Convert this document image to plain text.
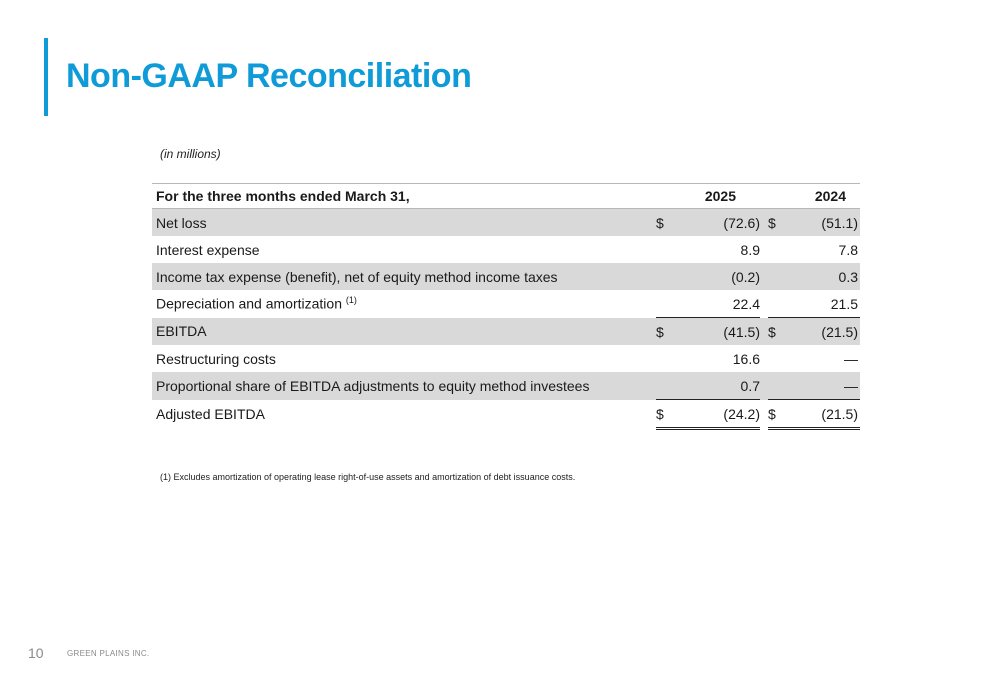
Non-GAAP Reconciliation
(in millions)
For the three months ended March 31,			2025			2024
Net loss		$	(72.6)		$	(51.1)
Interest expense			8.9			7.8
Income tax expense (benefit), net of equity method income taxes			(0.2)			0.3
Depreciation and amortization $^{(1)}$			22.4			21.5
EBITDA		$	(41.5)		$	(21.5)
Restructuring costs			16.6			—
Proportional share of EBITDA adjustments to equity method investees			0.7			—
Adjusted EBITDA		$	(24.2)		$	(21.5)
(1) Excludes amortization of operating lease right-of-use assets and amortization of debt issuance costs.
10	GREEN PLAINS INC.
